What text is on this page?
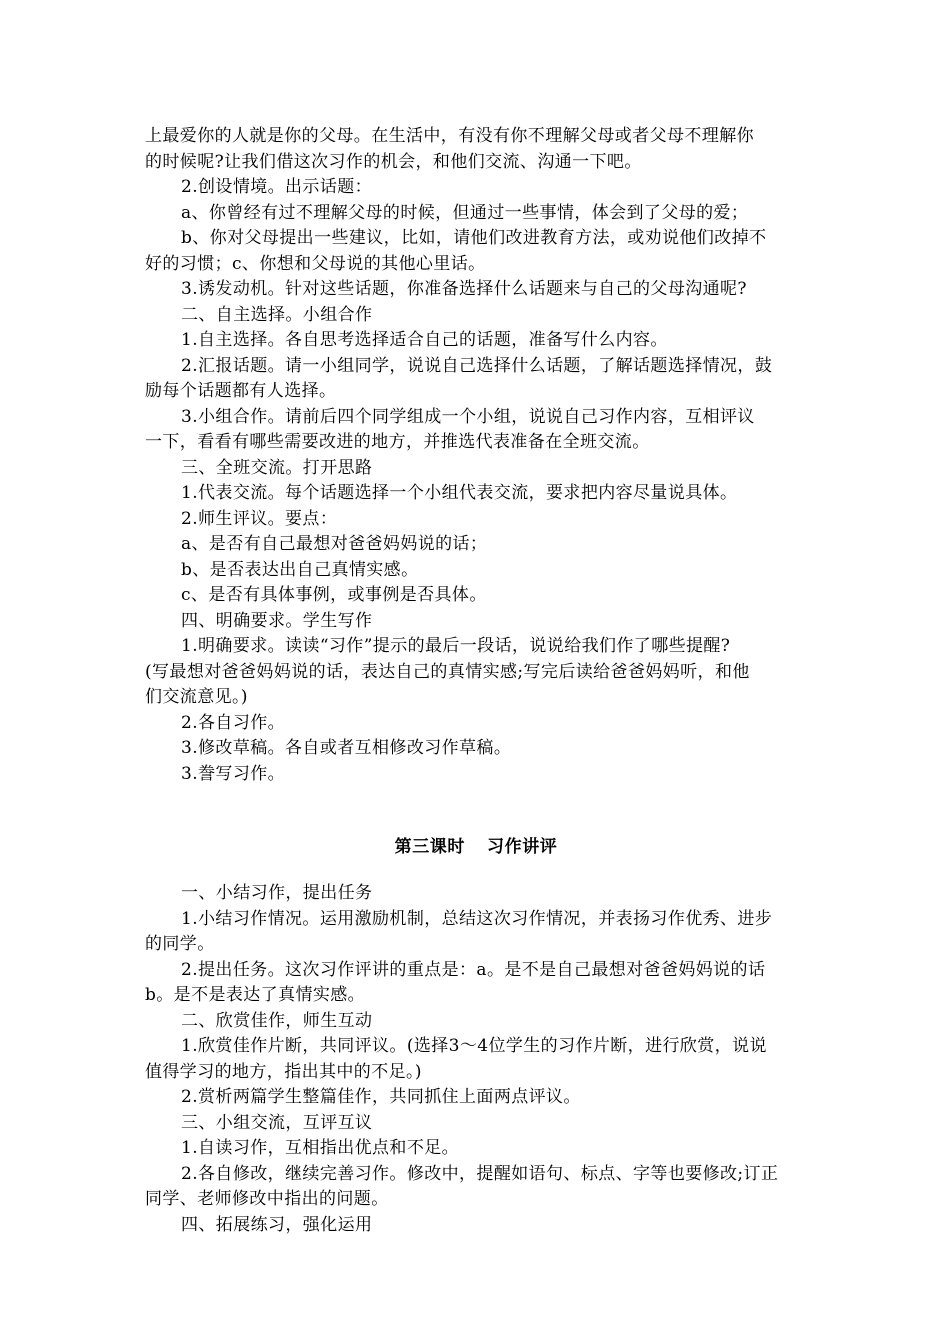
上最爱你的人就是你的父母。在生活中，有没有你不理解父母或者父母不理解你
的时候呢?让我们借这次习作的机会，和他们交流、沟通一下吧。
2.创设情境。出示话题：
a、你曾经有过不理解父母的时候，但通过一些事情，体会到了父母的爱；
b、你对父母提出一些建议，比如，请他们改进教育方法，或劝说他们改掉不
好的习惯；c、你想和父母说的其他心里话。
3.诱发动机。针对这些话题，你准备选择什么话题来与自己的父母沟通呢?
二、自主选择。小组合作
1.自主选择。各自思考选择适合自己的话题，准备写什么内容。
2.汇报话题。请一小组同学，说说自己选择什么话题，了解话题选择情况，鼓
励每个话题都有人选择。
3.小组合作。请前后四个同学组成一个小组，说说自己习作内容，互相评议
一下，看看有哪些需要改进的地方，并推选代表准备在全班交流。
三、全班交流。打开思路
1.代表交流。每个话题选择一个小组代表交流，要求把内容尽量说具体。
2.师生评议。要点：
a、是否有自己最想对爸爸妈妈说的话；
b、是否表达出自己真情实感。
c、是否有具体事例，或事例是否具体。
四、明确要求。学生写作
1.明确要求。读读“习作”提示的最后一段话，说说给我们作了哪些提醒?
(写最想对爸爸妈妈说的话，表达自己的真情实感;写完后读给爸爸妈妈听，和他
们交流意见。)
2.各自习作。
3.修改草稿。各自或者互相修改习作草稿。
3.誊写习作。
第三课时 习作讲评
一、小结习作，提出任务
1.小结习作情况。运用激励机制，总结这次习作情况，并表扬习作优秀、进步
的同学。
2.提出任务。这次习作评讲的重点是：a。是不是自己最想对爸爸妈妈说的话
b。是不是表达了真情实感。
二、欣赏佳作，师生互动
1.欣赏佳作片断，共同评议。(选择3～4位学生的习作片断，进行欣赏，说说
值得学习的地方，指出其中的不足。)
2.赏析两篇学生整篇佳作，共同抓住上面两点评议。
三、小组交流，互评互议
1.自读习作，互相指出优点和不足。
2.各自修改，继续完善习作。修改中，提醒如语句、标点、字等也要修改;订正
同学、老师修改中指出的问题。
四、拓展练习，强化运用
